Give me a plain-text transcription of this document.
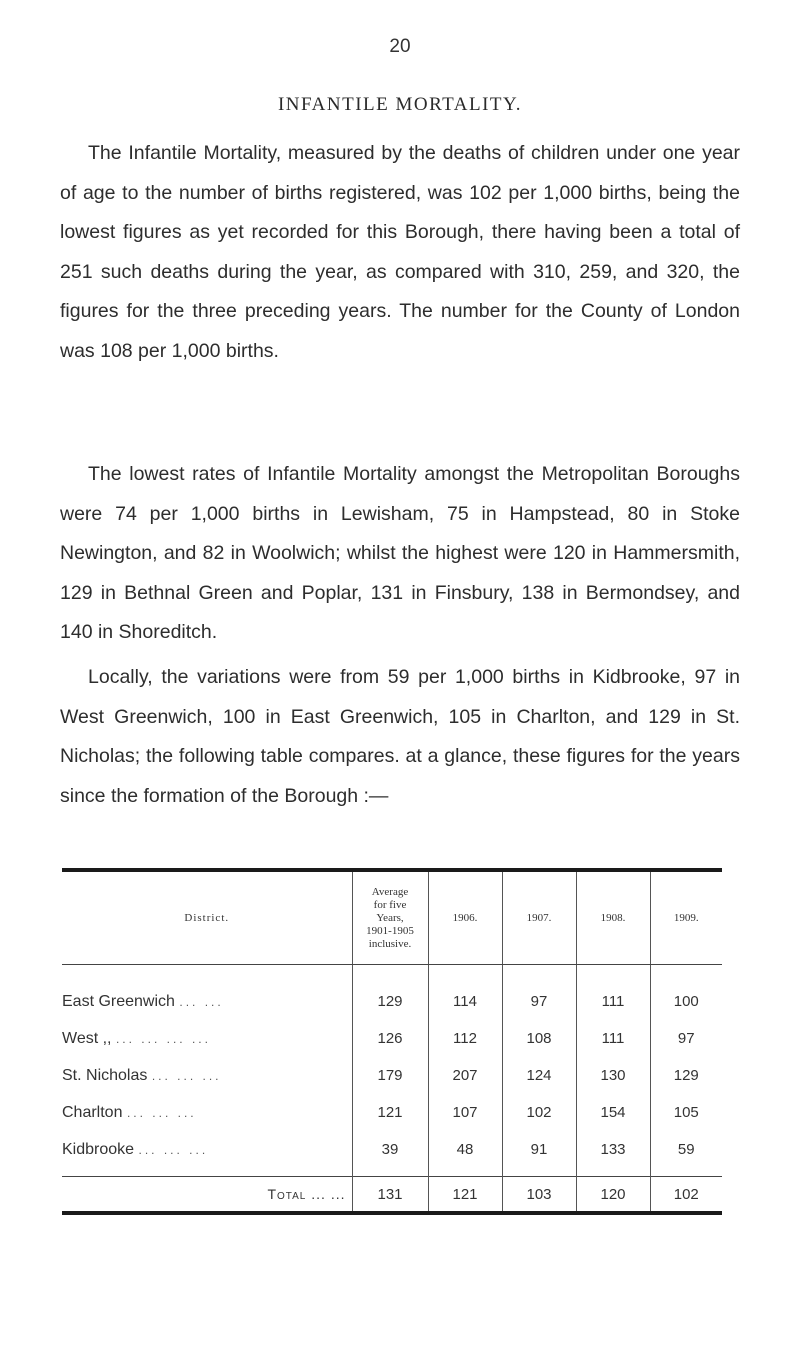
20
INFANTILE MORTALITY.

The Infantile Mortality, measured by the deaths of children under one year of age to the number of births registered, was 102 per 1,000 births, being the lowest figures as yet recorded for this Borough, there having been a total of 251 such deaths during the year, as compared with 310, 259, and 320, the figures for the three preceding years. The number for the County of London was 108 per 1,000 births.

The lowest rates of Infantile Mortality amongst the Metropolitan Boroughs were 74 per 1,000 births in Lewisham, 75 in Hampstead, 80 in Stoke Newington, and 82 in Woolwich; whilst the highest were 120 in Hammersmith, 129 in Bethnal Green and Poplar, 131 in Finsbury, 138 in Bermondsey, and 140 in Shoreditch.

Locally, the variations were from 59 per 1,000 births in Kidbrooke, 97 in West Greenwich, 100 in East Greenwich, 105 in Charlton, and 129 in St. Nicholas; the following table compares. at a glance, these figures for the years since the formation of the Borough :—

District.	Average
for five
Years,
1901-1905
inclusive.	1906.	1907.	1908.	1909.
East Greenwich ... ...	129	114	97	111	100
West ,, ... ... ... ...	126	112	108	111	97
St. Nicholas ... ... ...	179	207	124	130	129
Charlton ... ... ...	121	107	102	154	105
Kidbrooke ... ... ...	39	48	91	133	59
Total ... ...	131	121	103	120	102
